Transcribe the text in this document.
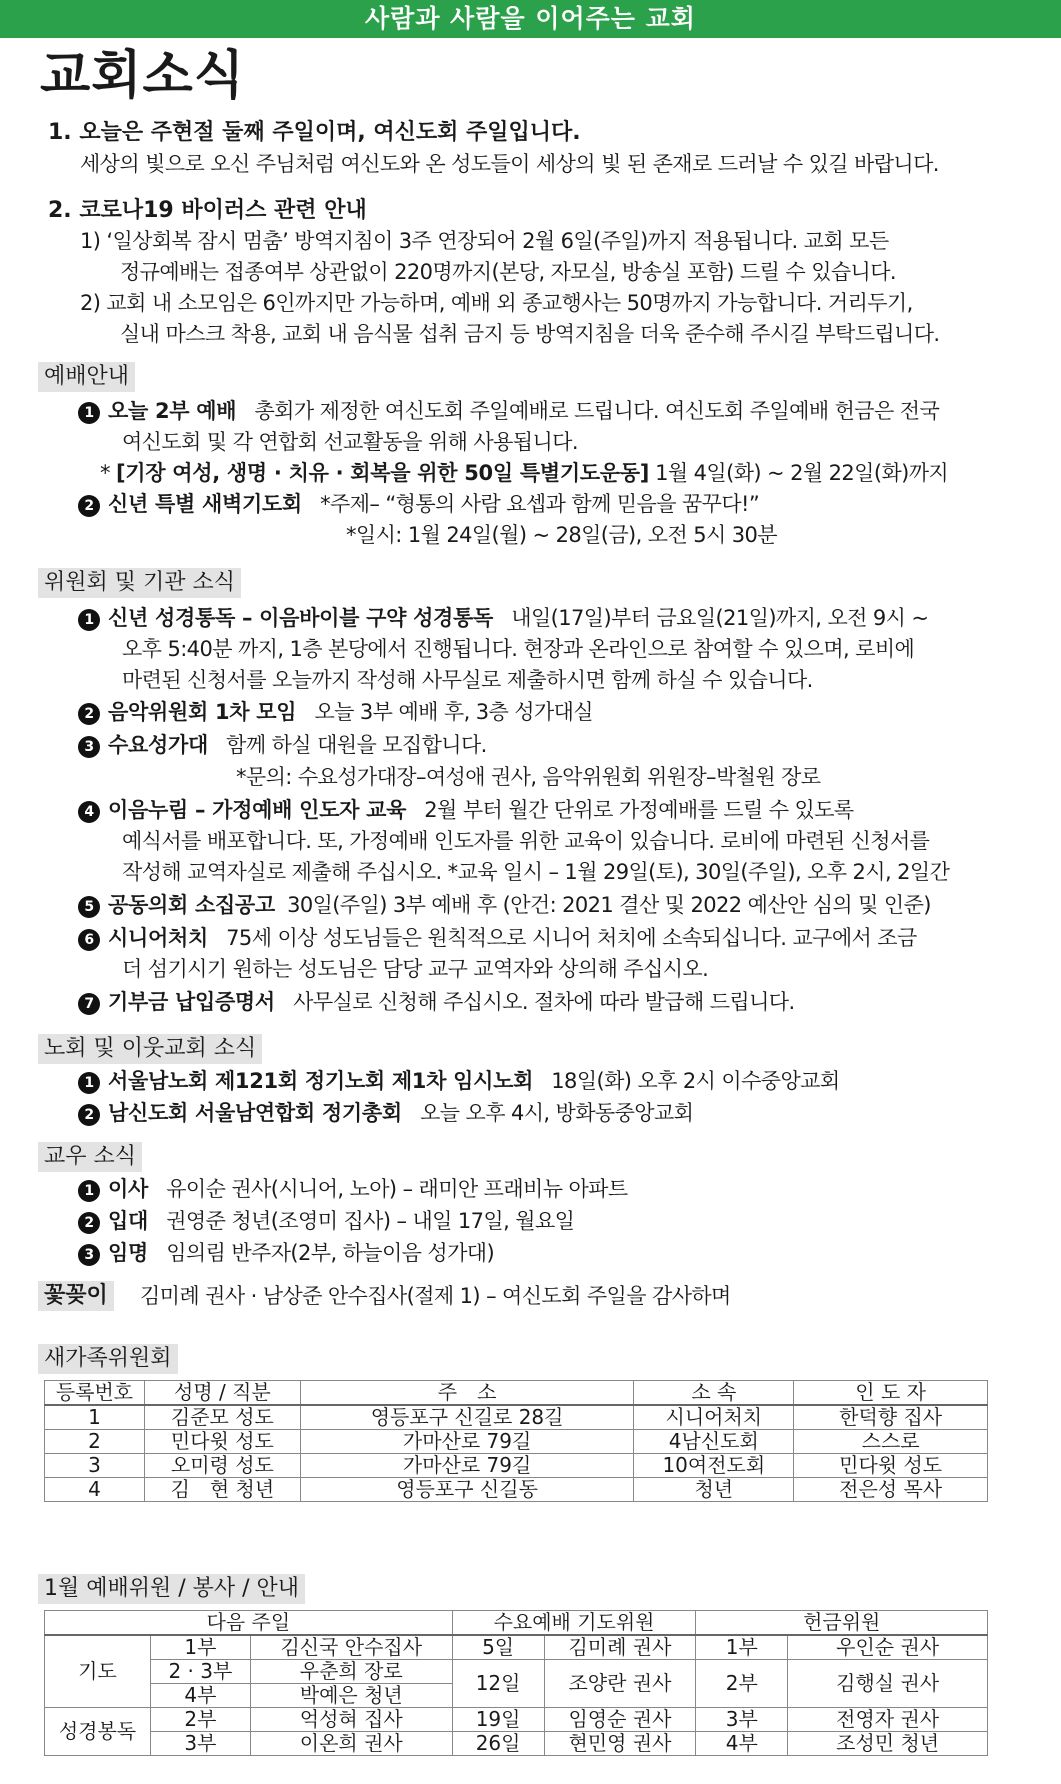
사람과 사람을 이어주는 교회
교회소식
1. 오늘은 주현절 둘째 주일이며, 여신도회 주일입니다.
세상의 빛으로 오신 주님처럼 여신도와 온 성도들이 세상의 빛 된 존재로 드러날 수 있길 바랍니다.
2. 코로나19 바이러스 관련 안내
1) ‘일상회복 잠시 멈춤’ 방역지침이 3주 연장되어 2월 6일(주일)까지 적용됩니다. 교회 모든
정규예배는 접종여부 상관없이 220명까지(본당, 자모실, 방송실 포함) 드릴 수 있습니다.
2) 교회 내 소모임은 6인까지만 가능하며, 예배 외 종교행사는 50명까지 가능합니다. 거리두기,
실내 마스크 착용, 교회 내 음식물 섭취 금지 등 방역지침을 더욱 준수해 주시길 부탁드립니다.
예배안내
1 오늘 2부 예배 총회가 제정한 여신도회 주일예배로 드립니다. 여신도회 주일예배 헌금은 전국
여신도회 및 각 연합회 선교활동을 위해 사용됩니다.
* [기장 여성, 생명 · 치유 · 회복을 위한 50일 특별기도운동] 1월 4일(화) ~ 2월 22일(화)까지
2 신년 특별 새벽기도회 *주제– “형통의 사람 요셉과 함께 믿음을 꿈꾸다!”
*일시: 1월 24일(월) ~ 28일(금), 오전 5시 30분
위원회 및 기관 소식
1 신년 성경통독 – 이음바이블 구약 성경통독 내일(17일)부터 금요일(21일)까지, 오전 9시 ~
오후 5:40분 까지, 1층 본당에서 진행됩니다. 현장과 온라인으로 참여할 수 있으며, 로비에
마련된 신청서를 오늘까지 작성해 사무실로 제출하시면 함께 하실 수 있습니다.
2 음악위원회 1차 모임 오늘 3부 예배 후, 3층 성가대실
3 수요성가대 함께 하실 대원을 모집합니다.
*문의: 수요성가대장–여성애 권사, 음악위원회 위원장–박철원 장로
4 이음누림 – 가정예배 인도자 교육 2월 부터 월간 단위로 가정예배를 드릴 수 있도록
예식서를 배포합니다. 또, 가정예배 인도자를 위한 교육이 있습니다. 로비에 마련된 신청서를
작성해 교역자실로 제출해 주십시오. *교육 일시 – 1월 29일(토), 30일(주일), 오후 2시, 2일간
5 공동의회 소집공고 30일(주일) 3부 예배 후 (안건: 2021 결산 및 2022 예산안 심의 및 인준)
6 시니어처치 75세 이상 성도님들은 원칙적으로 시니어 처치에 소속되십니다. 교구에서 조금
더 섬기시기 원하는 성도님은 담당 교구 교역자와 상의해 주십시오.
7 기부금 납입증명서 사무실로 신청해 주십시오. 절차에 따라 발급해 드립니다.
노회 및 이웃교회 소식
1 서울남노회 제121회 정기노회 제1차 임시노회 18일(화) 오후 2시 이수중앙교회
2 남신도회 서울남연합회 정기총회 오늘 오후 4시, 방화동중앙교회
교우 소식
1 이사 유이순 권사(시니어, 노아) – 래미안 프래비뉴 아파트
2 입대 권영준 청년(조영미 집사) – 내일 17일, 월요일
3 임명 임의림 반주자(2부, 하늘이음 성가대)
꽃꽂이 김미례 권사 · 남상준 안수집사(절제 1) – 여신도회 주일을 감사하며
새가족위원회
등록번호	성명 / 직분	주　소	소 속	인 도 자
1	김준모 성도	영등포구 신길로 28길	시니어처치	한덕향 집사
2	민다윗 성도	가마산로 79길	4남신도회	스스로
3	오미령 성도	가마산로 79길	10여전도회	민다윗 성도
4	김　현 청년	영등포구 신길동	청년	전은성 목사
1월 예배위원 / 봉사 / 안내
다음 주일			수요예배 기도위원		헌금위원	
기도	1부	김신국 안수집사	5일	김미례 권사	1부	우인순 권사
	2 · 3부	우춘희 장로	12일	조양란 권사	2부	김행실 권사
	4부	박예은 청년				
성경봉독	2부	억성혀 집사	19일	임영순 권사	3부	전영자 권사
	3부	이온희 권사	26일	현민영 권사	4부	조성민 청년
